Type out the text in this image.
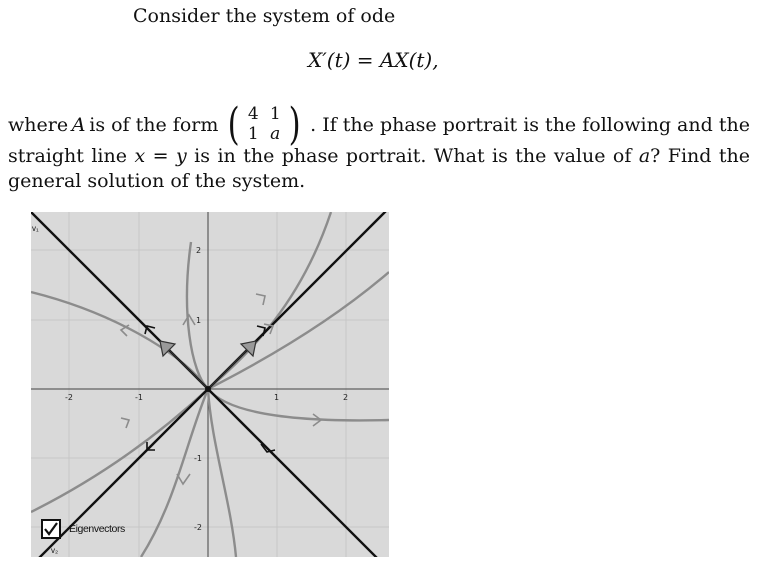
Consider the system of ode
X′(t) = AX(t),
where A is of the form ( 4 1
1 a ) . If the phase portrait is the following and the
straight line x = y is in the phase portrait. What is the value of a? Find the
general solution of the system.
-2	-1	1	2
2
1
-1
-2
v₁
v₂
Eigenvectors
